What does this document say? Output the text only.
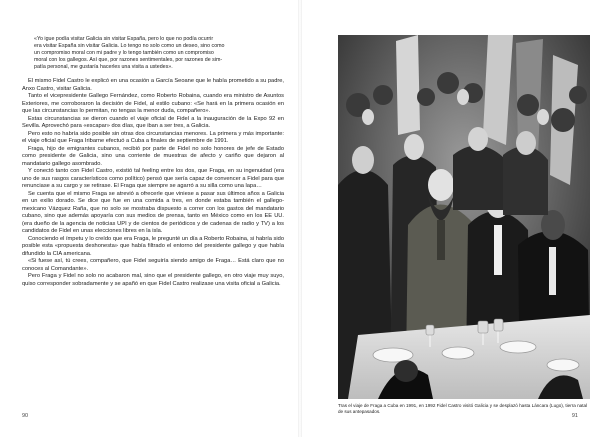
«Yo igue podía visitar Galicia sin visitar España, pero lo que no podía ocurrir
era visitar España sin visitar Galicia. Lo tengo no solo como un deseo, sino como
un compromiso moral con mi padre y lo tengo también como un compromiso
moral con los gallegos. Así que, por razones sentimentales, por razones de sim-
patía personal, me gustaría hacerles una visita a ustedes».

El mismo Fidel Castro le explicó en una ocasión a García Seoane que le había prometido a su padre, Anxo Castro, visitar Galicia.

Tanto el vicepresidente Gallego Fernández, como Roberto Robaina, cuando era ministro de Asuntos Exteriores, me corroboraron la decisión de Fidel, al estilo cubano: «Se hará en la primera ocasión en que las circunstancias lo permitan, no tengas la menor duda, compañero».

Estas circunstancias se dieron cuando el viaje oficial de Fidel a la inauguración de la Expo 92 en Sevilla. Aprovechó para «escapar» dos días, que iban a ser tres, a Galicia.

Pero esto no habría sido posible sin otras dos circunstancias menores. La primera y más importante: el viaje oficial que Fraga Iribarne efectuó a Cuba a finales de septiembre de 1991.

Fraga, hijo de emigrantes cubanos, recibió por parte de Fidel no solo honores de jefe de Estado como presidente de Galicia, sino una corriente de muestras de afecto y cariño que dejaron al mandatario gallego asombrado.

Y conectó tanto con Fidel Castro, existió tal feeling entre los dos, que Fraga, en su ingenuidad (era uno de sus rasgos característicos como político) pensó que sería capaz de convencer a Fidel para que renunciase a su cargo y se retirase. El Fraga que siempre se agarró a su silla como una lapa…

Se cuenta que el mismo Fraga se atrevió a ofrecerle que viniese a pasar sus últimos años a Galicia en un exilio dorado. Se dice que fue en una comida a tres, en donde estaba también el gallego-mexicano Vázquez Raña, que no solo se mostraba dispuesto a correr con los gastos del mandatario cubano, sino que además apoyaría con sus medios de prensa, tanto en México como en los EE UU. (era dueño de la agencia de noticias UPI y de cientos de periódicos y de cadenas de radio y TV) a los candidatos de Fidel en unas elecciones libres en la isla.

Conociendo el ímpetu y lo creído que era Fraga, le pregunté un día a Roberto Robaina, si habría sido posible esta «propuesta deshonesta» que había filtrado el entorno del presidente gallego y que había difundido la CIA americana.

«Si fuese así, tú crees, compañero, que Fidel seguiría siendo amigo de Fraga… Está claro que no conoces al Comandante».

Pero Fraga y Fidel no solo no acabaron mal, sino que el presidente gallego, en otro viaje muy suyo, quiso corresponder sobradamente y se apañó en que Fidel Castro realizase una visita oficial a Galicia.

90
Tras el viaje de Fraga a Cuba en 1991, en 1992 Fidel Castro visitó Galicia y se desplazó hasta Láncara (Lugo), tierra natal de sus antepasados.
91
